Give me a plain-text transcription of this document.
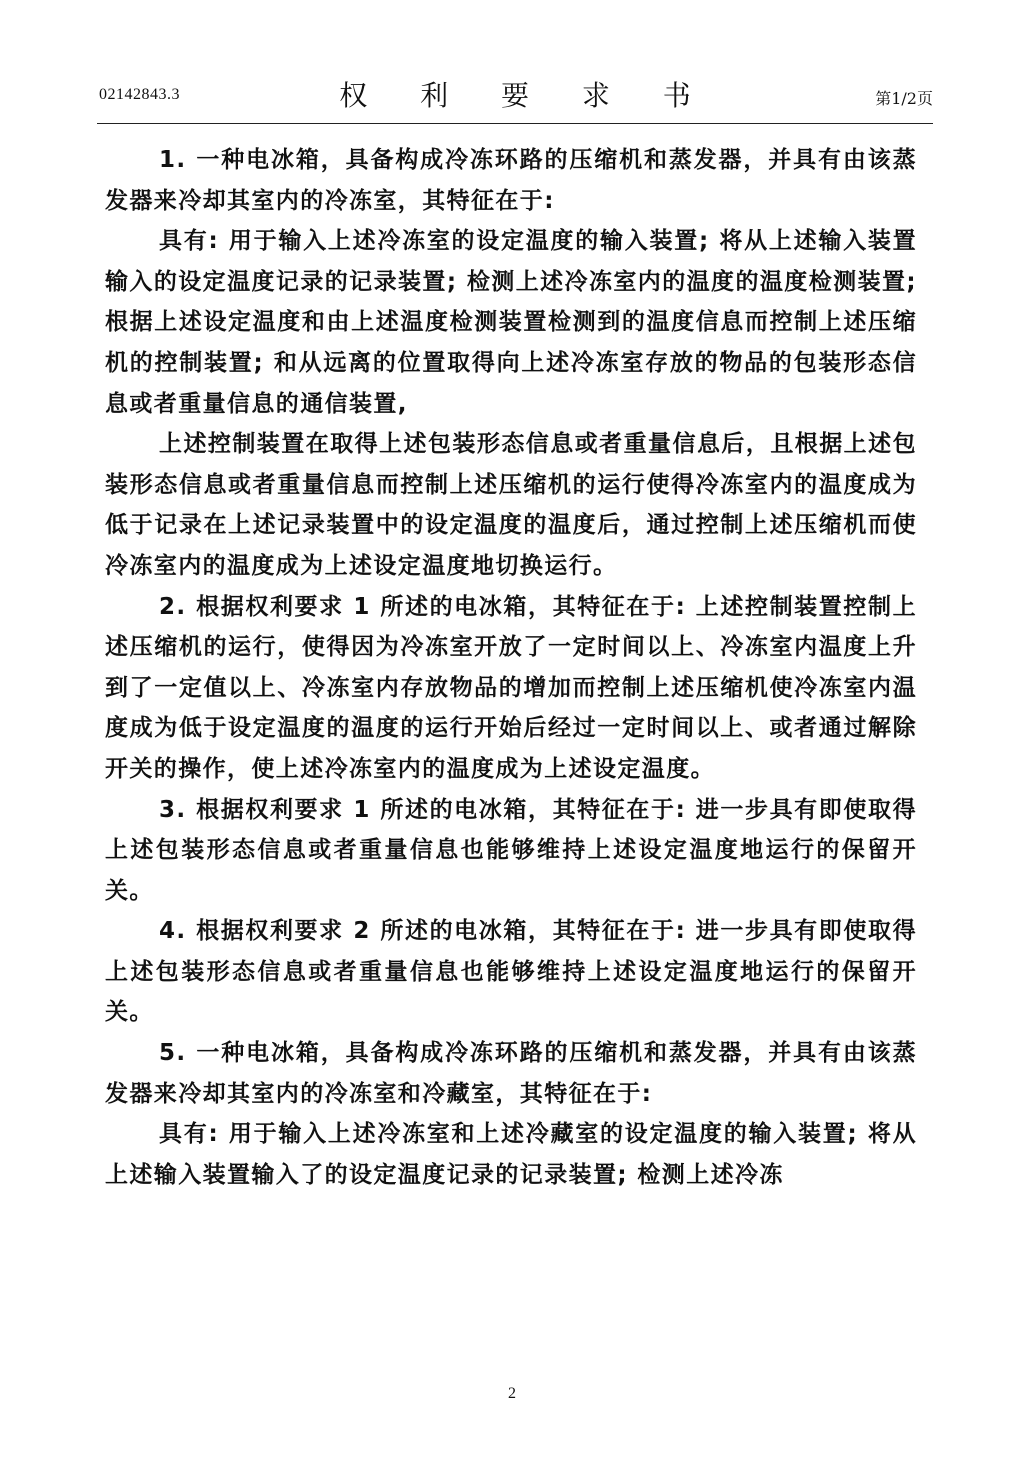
02142843.3	权 利 要 求 书	第1/2页

1. 一种电冰箱，具备构成冷冻环路的压缩机和蒸发器，并具有由该蒸发器来冷却其室内的冷冻室，其特征在于:

具有: 用于输入上述冷冻室的设定温度的输入装置; 将从上述输入装置输入的设定温度记录的记录装置; 检测上述冷冻室内的温度的温度检测装置; 根据上述设定温度和由上述温度检测装置检测到的温度信息而控制上述压缩机的控制装置; 和从远离的位置取得向上述冷冻室存放的物品的包装形态信息或者重量信息的通信装置,

上述控制装置在取得上述包装形态信息或者重量信息后，且根据上述包装形态信息或者重量信息而控制上述压缩机的运行使得冷冻室内的温度成为低于记录在上述记录装置中的设定温度的温度后，通过控制上述压缩机而使冷冻室内的温度成为上述设定温度地切换运行。

2. 根据权利要求 1 所述的电冰箱，其特征在于: 上述控制装置控制上述压缩机的运行，使得因为冷冻室开放了一定时间以上、冷冻室内温度上升到了一定值以上、冷冻室内存放物品的增加而控制上述压缩机使冷冻室内温度成为低于设定温度的温度的运行开始后经过一定时间以上、或者通过解除开关的操作，使上述冷冻室内的温度成为上述设定温度。

3. 根据权利要求 1 所述的电冰箱，其特征在于: 进一步具有即使取得上述包装形态信息或者重量信息也能够维持上述设定温度地运行的保留开关。

4. 根据权利要求 2 所述的电冰箱，其特征在于: 进一步具有即使取得上述包装形态信息或者重量信息也能够维持上述设定温度地运行的保留开关。

5. 一种电冰箱，具备构成冷冻环路的压缩机和蒸发器，并具有由该蒸发器来冷却其室内的冷冻室和冷藏室，其特征在于:

具有: 用于输入上述冷冻室和上述冷藏室的设定温度的输入装置; 将从上述输入装置输入了的设定温度记录的记录装置; 检测上述冷冻

2
